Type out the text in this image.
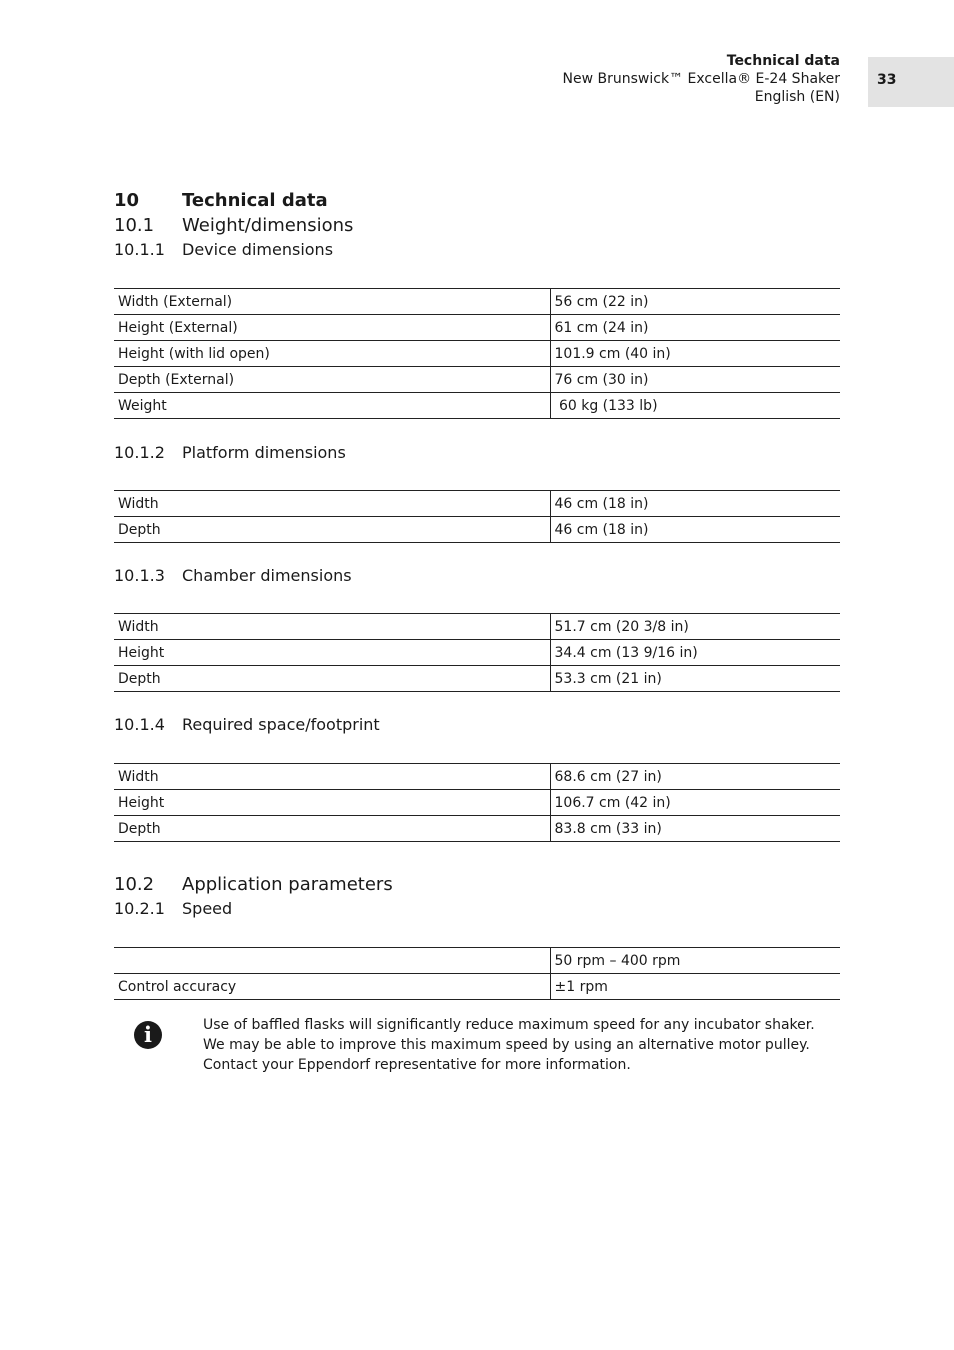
Technical data
New Brunswick™ Excella® E-24 Shaker
English (EN)
33
10 Technical data
10.1 Weight/dimensions
10.1.1 Device dimensions
Width (External)	56 cm (22 in)
Height (External)	61 cm (24 in)
Height (with lid open)	101.9 cm (40 in)
Depth (External)	76 cm (30 in)
Weight	60 kg (133 lb)
10.1.2 Platform dimensions
Width	46 cm (18 in)
Depth	46 cm (18 in)
10.1.3 Chamber dimensions
Width	51.7 cm (20 3/8 in)
Height	34.4 cm (13 9/16 in)
Depth	53.3 cm (21 in)
10.1.4 Required space/footprint
Width	68.6 cm (27 in)
Height	106.7 cm (42 in)
Depth	83.8 cm (33 in)
10.2 Application parameters
10.2.1 Speed
	50 rpm – 400 rpm
Control accuracy	±1 rpm
i	Use of baffled flasks will significantly reduce maximum speed for any incubator shaker. We may be able to improve this maximum speed by using an alternative motor pulley. Contact your Eppendorf representative for more information.
